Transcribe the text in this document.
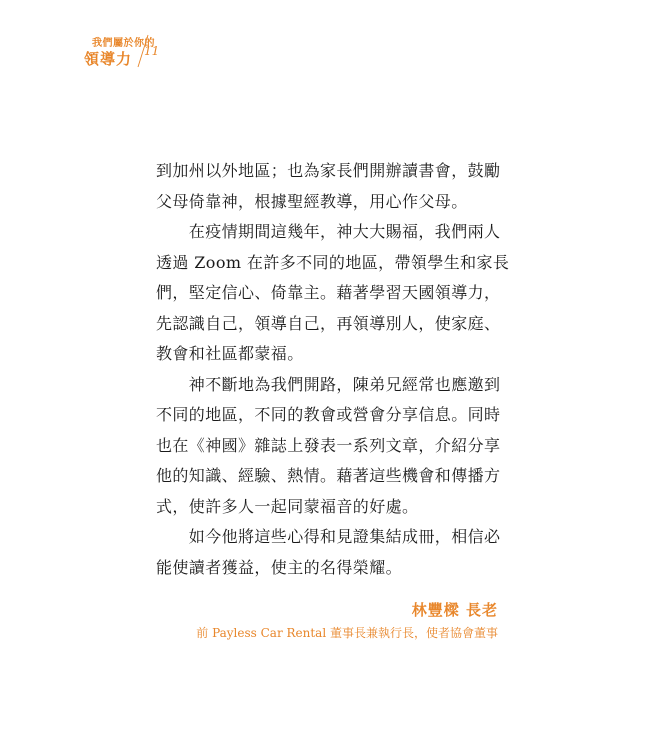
我們屬於你的
領導力 11
到加州以外地區；也為家長們開辦讀書會，鼓勵
父母倚靠神，根據聖經教導，用心作父母。
　　在疫情期間這幾年，神大大賜福，我們兩人
透過 Zoom 在許多不同的地區，帶領學生和家長
們，堅定信心、倚靠主。藉著學習天國領導力，
先認識自己，領導自己，再領導別人，使家庭、
教會和社區都蒙福。
　　神不斷地為我們開路，陳弟兄經常也應邀到
不同的地區，不同的教會或營會分享信息。同時
也在《神國》雜誌上發表一系列文章，介紹分享
他的知識、經驗、熱情。藉著這些機會和傳播方
式，使許多人一起同蒙福音的好處。
　　如今他將這些心得和見證集結成冊，相信必
能使讀者獲益，使主的名得榮耀。
林豐樑 長老
前 Payless Car Rental 董事長兼執行長，使者協會董事
